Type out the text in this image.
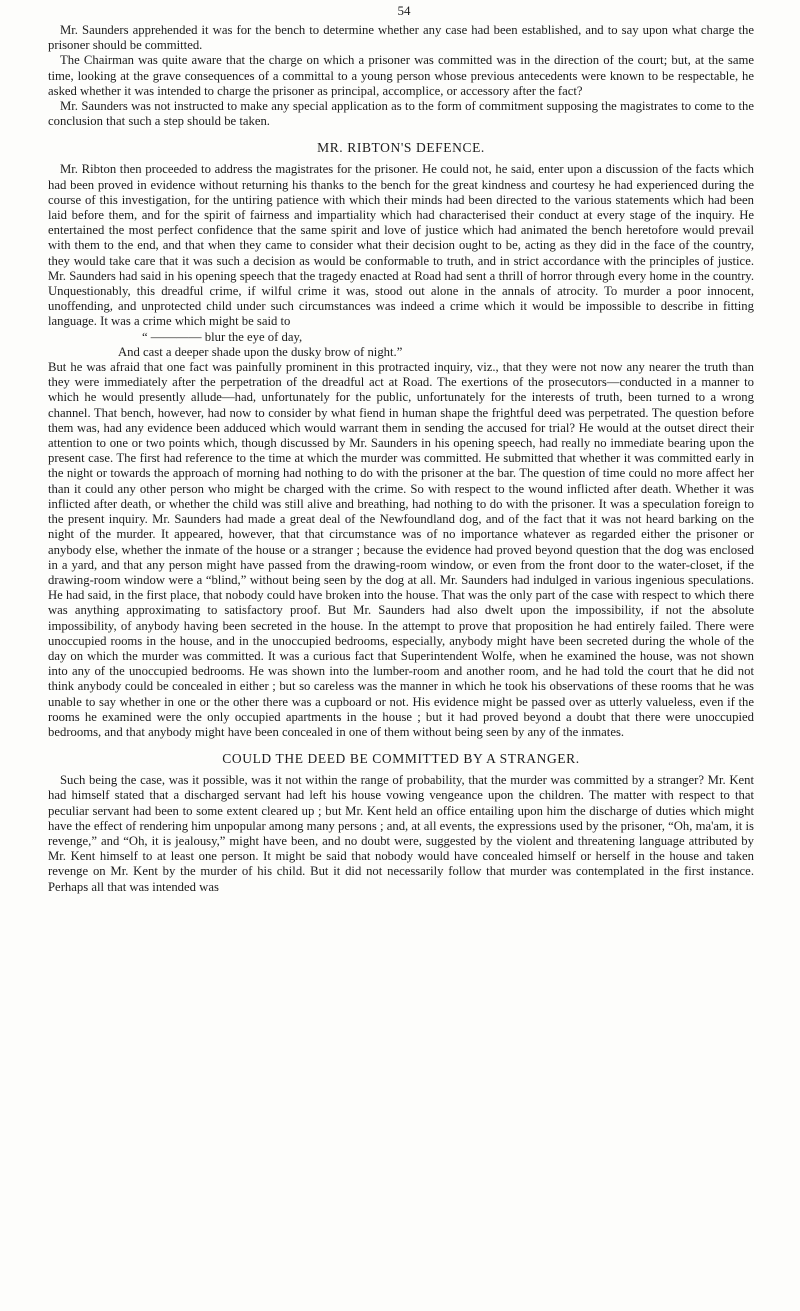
54

Mr. Saunders apprehended it was for the bench to determine whether any case had been established, and to say upon what charge the prisoner should be committed.

The Chairman was quite aware that the charge on which a prisoner was committed was in the direction of the court; but, at the same time, looking at the grave consequences of a committal to a young person whose previous antecedents were known to be respectable, he asked whether it was intended to charge the prisoner as principal, accomplice, or accessory after the fact?

Mr. Saunders was not instructed to make any special application as to the form of commitment supposing the magistrates to come to the conclusion that such a step should be taken.

MR. RIBTON'S DEFENCE.

Mr. Ribton then proceeded to address the magistrates for the prisoner. He could not, he said, enter upon a discussion of the facts which had been proved in evidence without returning his thanks to the bench for the great kindness and courtesy he had experienced during the course of this investigation, for the untiring patience with which their minds had been directed to the various statements which had been laid before them, and for the spirit of fairness and impartiality which had characterised their conduct at every stage of the inquiry. He entertained the most perfect confidence that the same spirit and love of justice which had animated the bench heretofore would prevail with them to the end, and that when they came to consider what their decision ought to be, acting as they did in the face of the country, they would take care that it was such a decision as would be conformable to truth, and in strict accordance with the principles of justice. Mr. Saunders had said in his opening speech that the tragedy enacted at Road had sent a thrill of horror through every home in the country. Unquestionably, this dreadful crime, if wilful crime it was, stood out alone in the annals of atrocity. To murder a poor innocent, unoffending, and unprotected child under such circumstances was indeed a crime which it would be impossible to describe in fitting language. It was a crime which might be said to

“ ———— blur the eye of day,
And cast a deeper shade upon the dusky brow of night.”

But he was afraid that one fact was painfully prominent in this protracted inquiry, viz., that they were not now any nearer the truth than they were immediately after the perpetration of the dreadful act at Road. The exertions of the prosecutors—conducted in a manner to which he would presently allude—had, unfortunately for the public, unfortunately for the interests of truth, been turned to a wrong channel. That bench, however, had now to consider by what fiend in human shape the frightful deed was perpetrated. The question before them was, had any evidence been adduced which would warrant them in sending the accused for trial? He would at the outset direct their attention to one or two points which, though discussed by Mr. Saunders in his opening speech, had really no immediate bearing upon the present case. The first had reference to the time at which the murder was committed. He submitted that whether it was committed early in the night or towards the approach of morning had nothing to do with the prisoner at the bar. The question of time could no more affect her than it could any other person who might be charged with the crime. So with respect to the wound inflicted after death. Whether it was inflicted after death, or whether the child was still alive and breathing, had nothing to do with the prisoner. It was a speculation foreign to the present inquiry. Mr. Saunders had made a great deal of the Newfoundland dog, and of the fact that it was not heard barking on the night of the murder. It appeared, however, that that circumstance was of no importance whatever as regarded either the prisoner or anybody else, whether the inmate of the house or a stranger ; because the evidence had proved beyond question that the dog was enclosed in a yard, and that any person might have passed from the drawing-room window, or even from the front door to the water-closet, if the drawing-room window were a “blind,” without being seen by the dog at all. Mr. Saunders had indulged in various ingenious speculations. He had said, in the first place, that nobody could have broken into the house. That was the only part of the case with respect to which there was anything approximating to satisfactory proof. But Mr. Saunders had also dwelt upon the impossibility, if not the absolute impossibility, of anybody having been secreted in the house. In the attempt to prove that proposition he had entirely failed. There were unoccupied rooms in the house, and in the unoccupied bedrooms, especially, anybody might have been secreted during the whole of the day on which the murder was committed. It was a curious fact that Superintendent Wolfe, when he examined the house, was not shown into any of the unoccupied bedrooms. He was shown into the lumber-room and another room, and he had told the court that he did not think anybody could be concealed in either ; but so careless was the manner in which he took his observations of these rooms that he was unable to say whether in one or the other there was a cupboard or not. His evidence might be passed over as utterly valueless, even if the rooms he examined were the only occupied apartments in the house ; but it had proved beyond a doubt that there were unoccupied bedrooms, and that anybody might have been concealed in one of them without being seen by any of the inmates.

COULD THE DEED BE COMMITTED BY A STRANGER.

Such being the case, was it possible, was it not within the range of probability, that the murder was committed by a stranger? Mr. Kent had himself stated that a discharged servant had left his house vowing vengeance upon the children. The matter with respect to that peculiar servant had been to some extent cleared up ; but Mr. Kent held an office entailing upon him the discharge of duties which might have the effect of rendering him unpopular among many persons ; and, at all events, the expressions used by the prisoner, “Oh, ma'am, it is revenge,” and “Oh, it is jealousy,” might have been, and no doubt were, suggested by the violent and threatening language attributed by Mr. Kent himself to at least one person. It might be said that nobody would have concealed himself or herself in the house and taken revenge on Mr. Kent by the murder of his child. But it did not necessarily follow that murder was contemplated in the first instance. Perhaps all that was intended was
